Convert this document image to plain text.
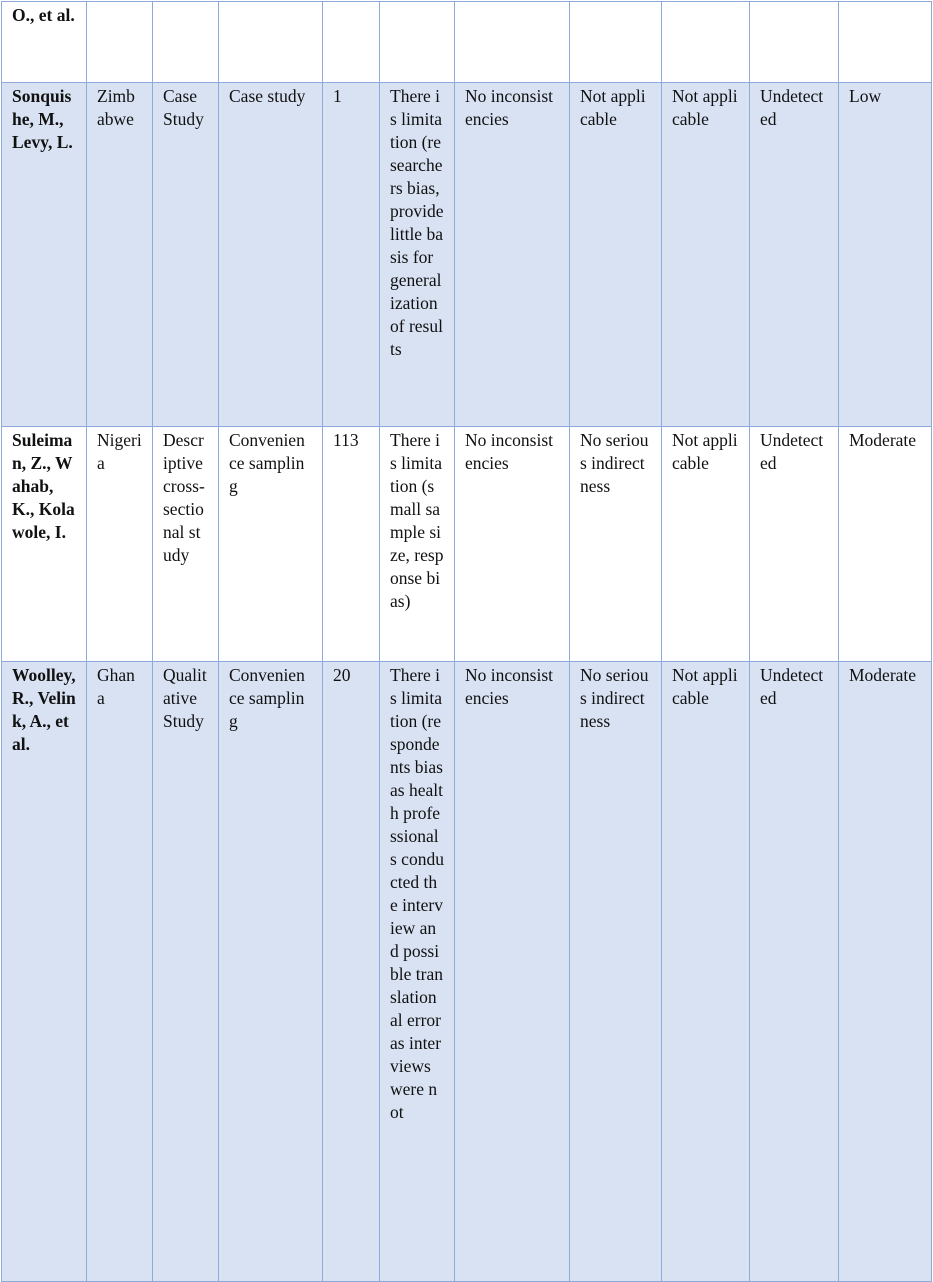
O., et al.										
Sonquishe, M., Levy, L.	Zimbabwe	Case Study	Case study	1	There is limitation (researchers bias, provide little basis for generalization of results	No inconsistencies	Not applicable	Not applicable	Undetected	Low
Suleiman, Z., Wahab, K., Kolawole, I.	Nigeria	Descriptive cross-sectional study	Convenience sampling	113	There is limitation (small sample size, response bias)	No inconsistencies	No serious indirectness	Not applicable	Undetected	Moderate
Woolley, R., Velink, A., et al.	Ghana	Qualitative Study	Convenience sampling	20	There is limitation (respondents bias as health professionals conducted the interview and possible translational error as interviews were not	No inconsistencies	No serious indirectness	Not applicable	Undetected	Moderate
